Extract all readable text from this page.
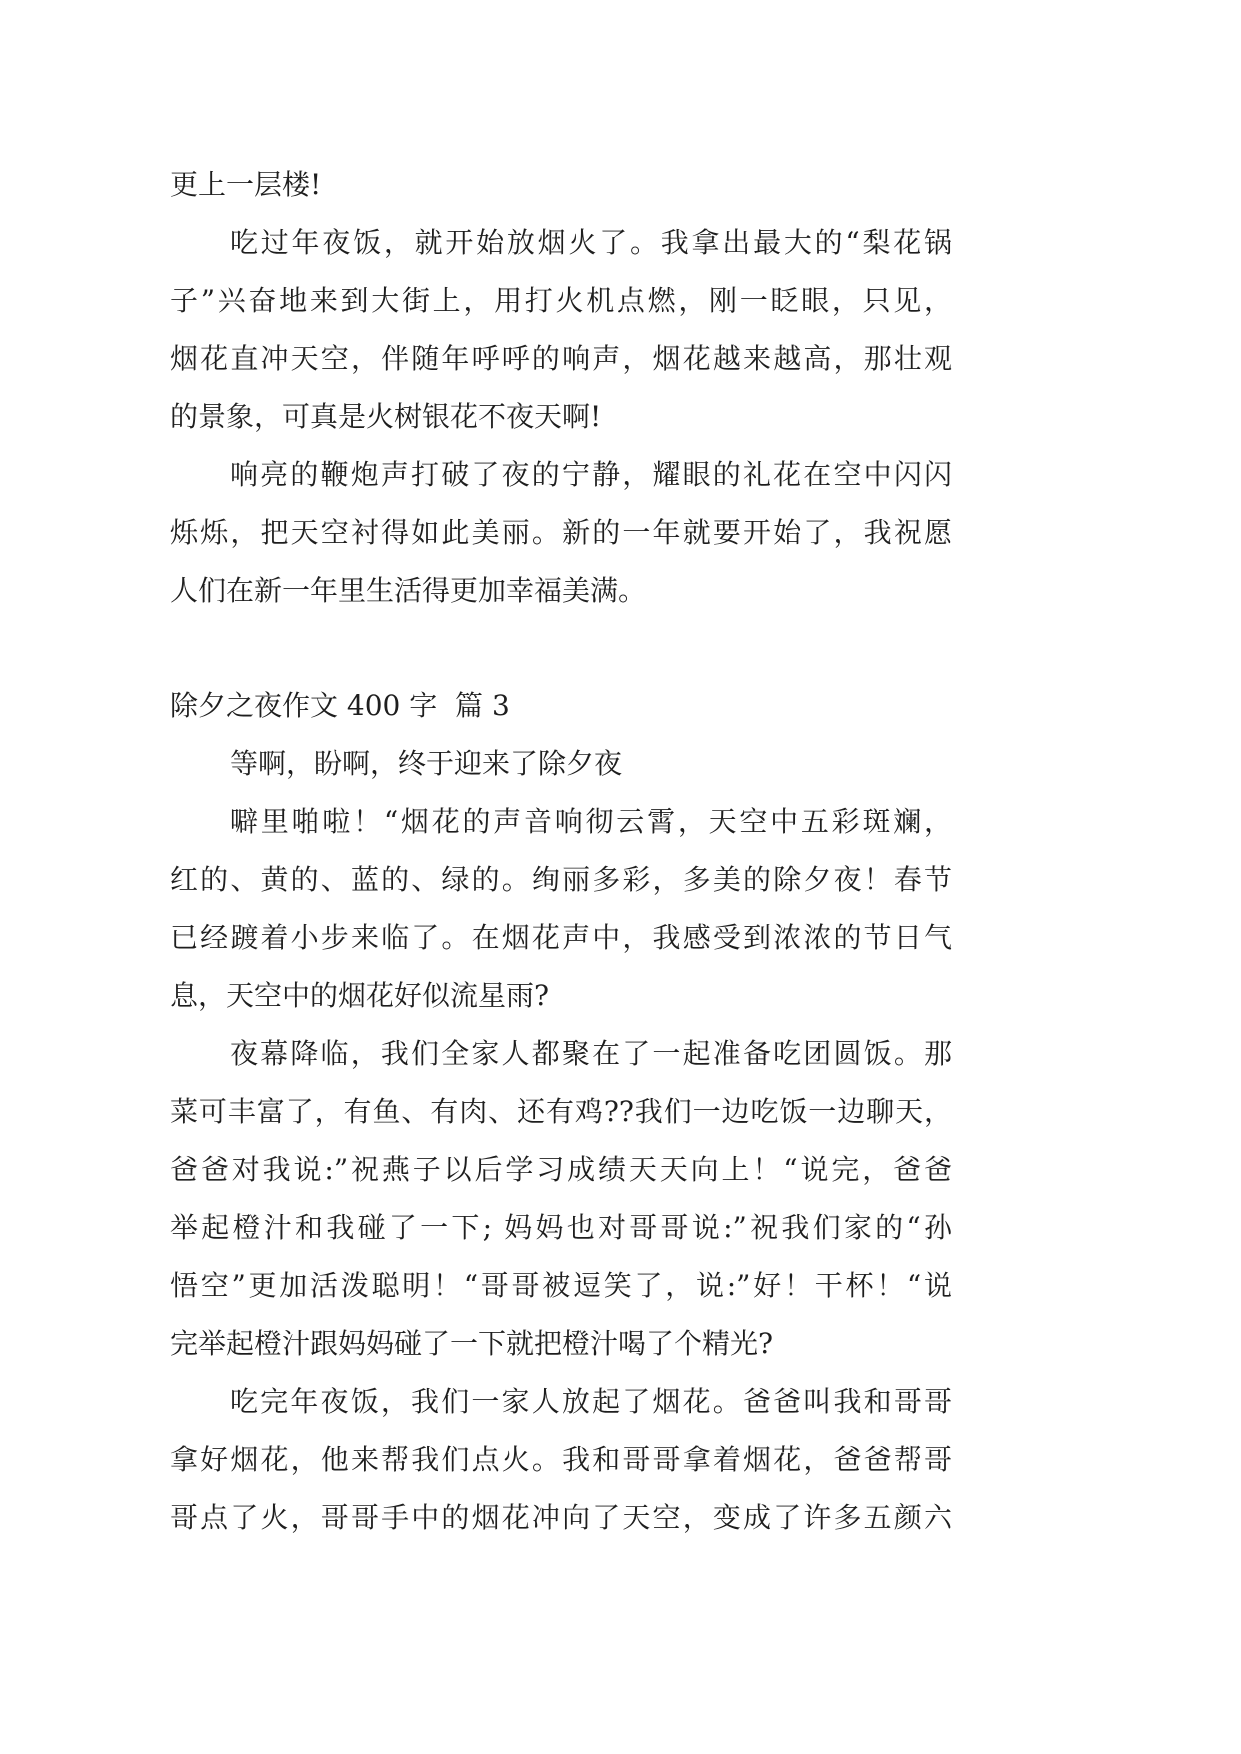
更上一层楼!
吃过年夜饭，就开始放烟火了。我拿出最大的“梨花锅
子”兴奋地来到大街上，用打火机点燃，刚一眨眼，只见，
烟花直冲天空，伴随年呼呼的响声，烟花越来越高，那壮观
的景象，可真是火树银花不夜天啊!
响亮的鞭炮声打破了夜的宁静，耀眼的礼花在空中闪闪
烁烁，把天空衬得如此美丽。新的一年就要开始了，我祝愿
人们在新一年里生活得更加幸福美满。
除夕之夜作文 400 字  篇 3
等啊，盼啊，终于迎来了除夕夜
噼里啪啦！“烟花的声音响彻云霄，天空中五彩斑斓，
红的、黄的、蓝的、绿的。绚丽多彩，多美的除夕夜！春节
已经踱着小步来临了。在烟花声中，我感受到浓浓的节日气
息，天空中的烟花好似流星雨?
夜幕降临，我们全家人都聚在了一起准备吃团圆饭。那
菜可丰富了，有鱼、有肉、还有鸡??我们一边吃饭一边聊天，
爸爸对我说:”祝燕子以后学习成绩天天向上！“说完，爸爸
举起橙汁和我碰了一下; 妈妈也对哥哥说:”祝我们家的“孙
悟空”更加活泼聪明！“哥哥被逗笑了，说:”好！干杯！“说
完举起橙汁跟妈妈碰了一下就把橙汁喝了个精光?
吃完年夜饭，我们一家人放起了烟花。爸爸叫我和哥哥
拿好烟花，他来帮我们点火。我和哥哥拿着烟花，爸爸帮哥
哥点了火，哥哥手中的烟花冲向了天空，变成了许多五颜六
